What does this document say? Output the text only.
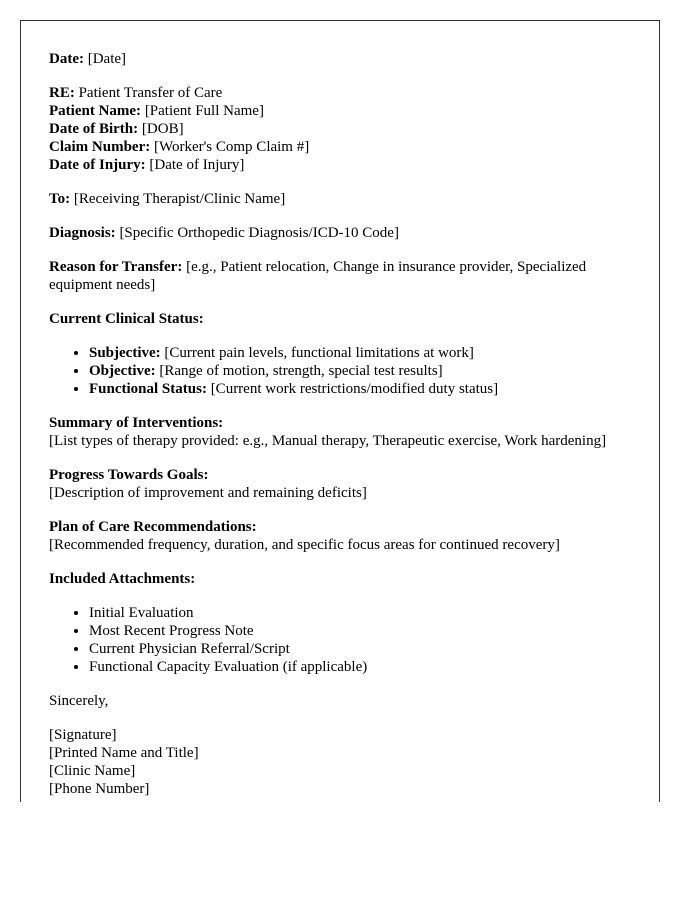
Date: [Date]

RE: Patient Transfer of Care
Patient Name: [Patient Full Name]
Date of Birth: [DOB]
Claim Number: [Worker's Comp Claim #]
Date of Injury: [Date of Injury]

To: [Receiving Therapist/Clinic Name]

Diagnosis: [Specific Orthopedic Diagnosis/ICD-10 Code]

Reason for Transfer: [e.g., Patient relocation, Change in insurance provider, Specialized equipment needs]

Current Clinical Status:

• Subjective: [Current pain levels, functional limitations at work]
• Objective: [Range of motion, strength, special test results]
• Functional Status: [Current work restrictions/modified duty status]

Summary of Interventions:
[List types of therapy provided: e.g., Manual therapy, Therapeutic exercise, Work hardening]

Progress Towards Goals:
[Description of improvement and remaining deficits]

Plan of Care Recommendations:
[Recommended frequency, duration, and specific focus areas for continued recovery]

Included Attachments:

• Initial Evaluation
• Most Recent Progress Note
• Current Physician Referral/Script
• Functional Capacity Evaluation (if applicable)

Sincerely,

[Signature]
[Printed Name and Title]
[Clinic Name]
[Phone Number]
